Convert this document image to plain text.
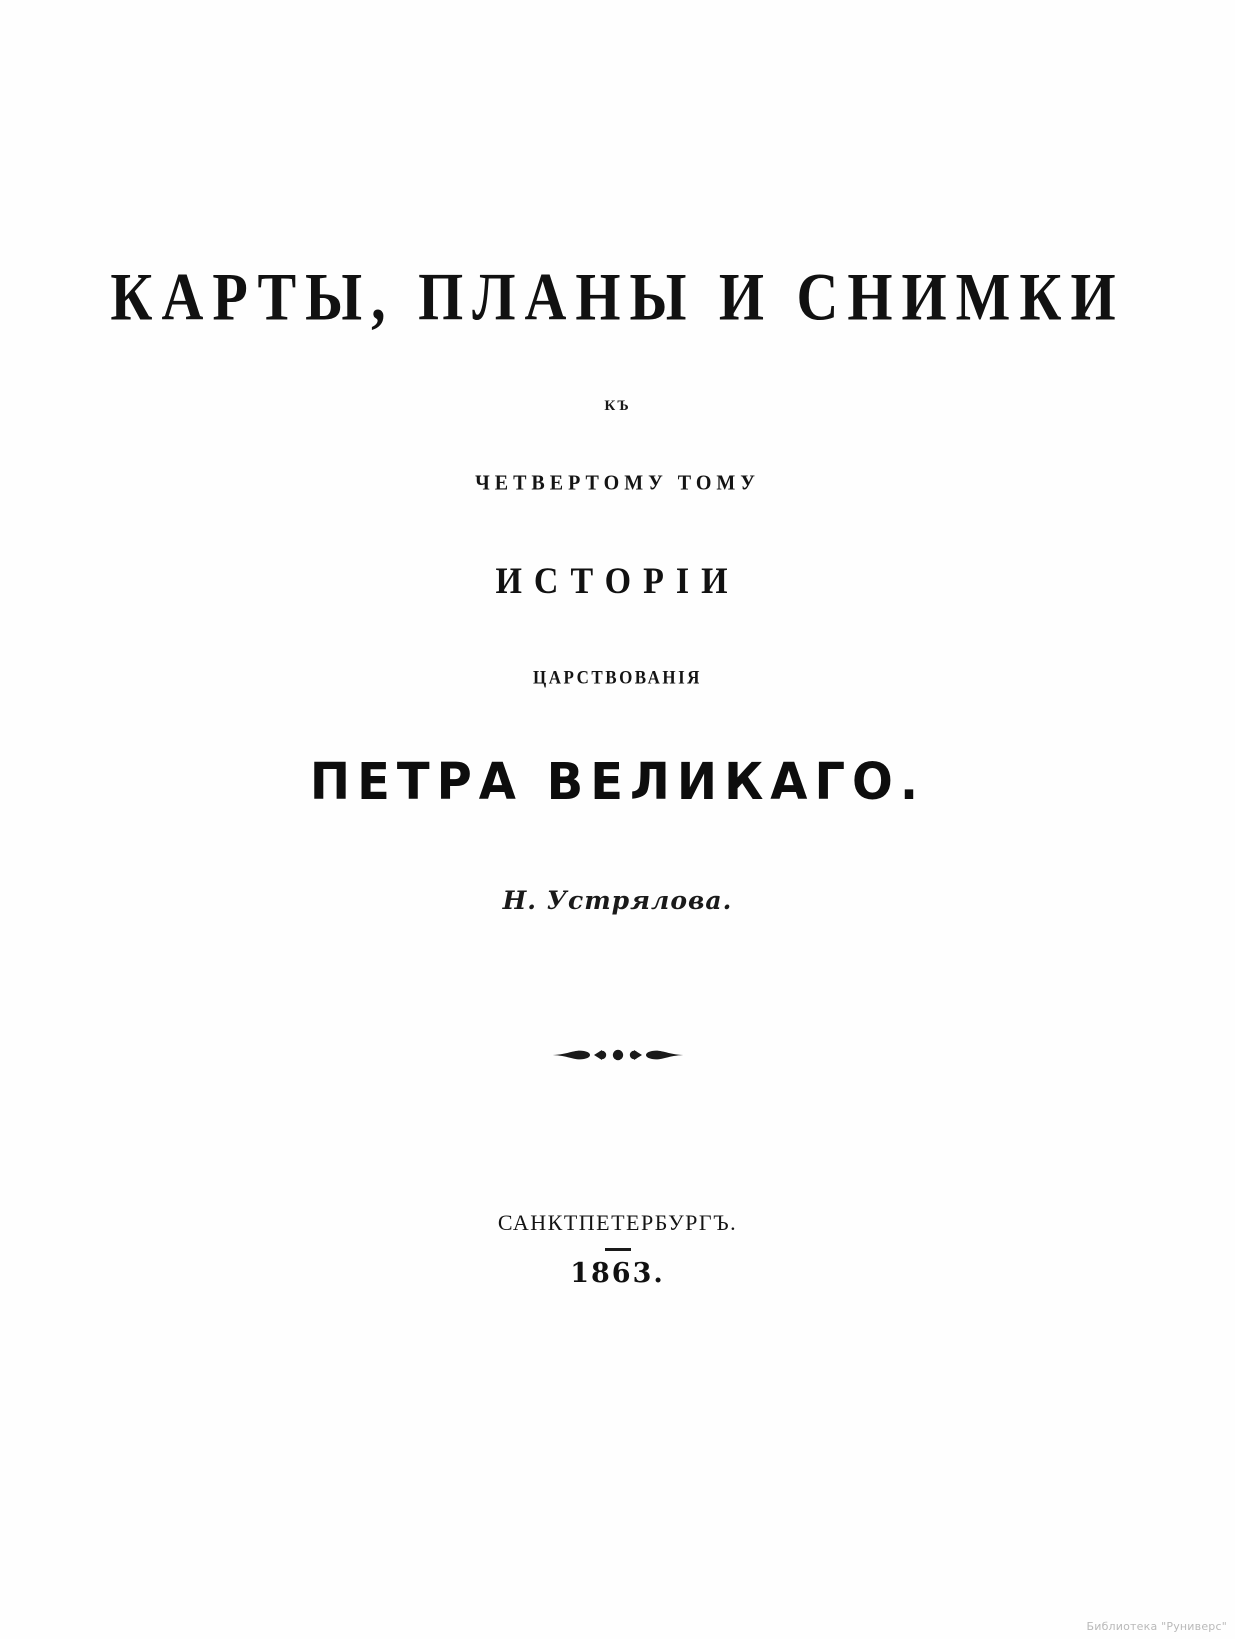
КАРТЫ, ПЛАНЫ И СНИМКИ
КЪ
ЧЕТВЕРТОМУ ТОМУ
ИСТОРІИ
ЦАРСТВОВАНІЯ
ПЕТРА ВЕЛИКАГО.
Н. Устрялова.
САНКТПЕТЕРБУРГЪ.
1863.
Библиотека "Руниверс"
